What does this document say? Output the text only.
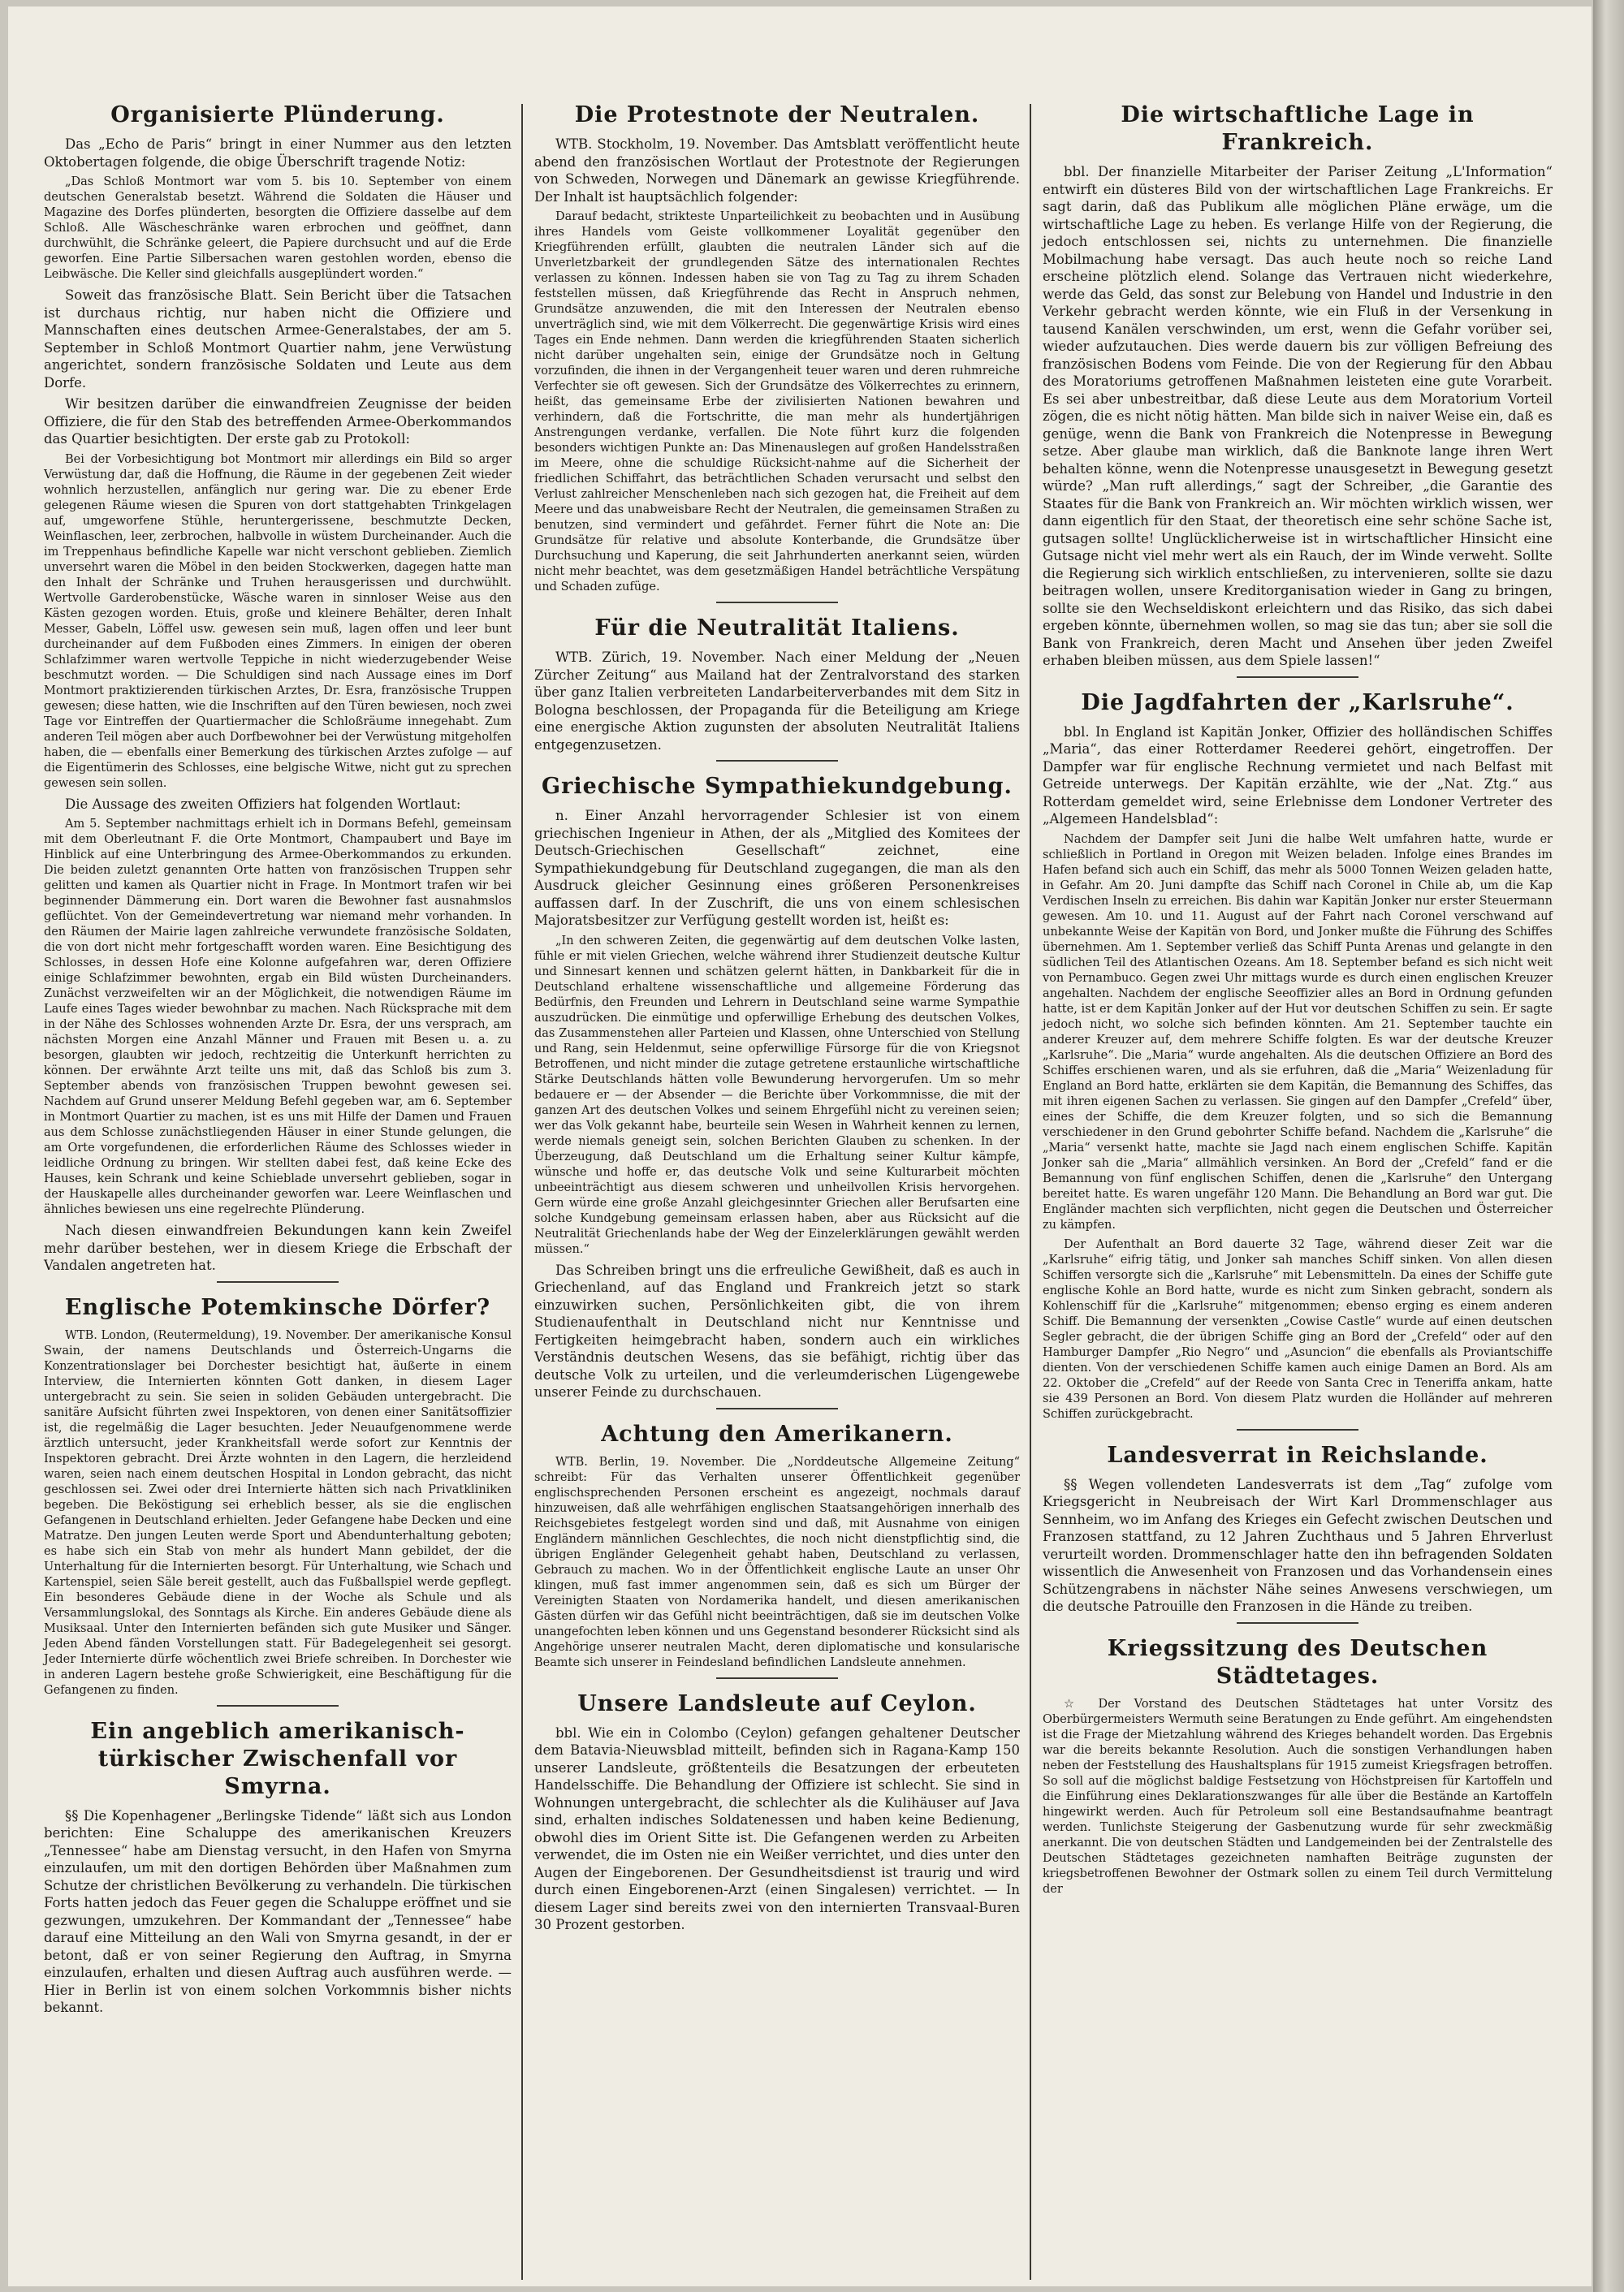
Organisierte Plünderung.

Das „Echo de Paris“ bringt in einer Nummer aus den letzten Oktobertagen folgende, die obige Überschrift tragende Notiz:

„Das Schloß Montmort war vom 5. bis 10. September von einem deutschen Generalstab besetzt. Während die Soldaten die Häuser und Magazine des Dorfes plünderten, besorgten die Offiziere dasselbe auf dem Schloß. Alle Wäscheschränke waren erbrochen und geöffnet, dann durchwühlt, die Schränke geleert, die Papiere durchsucht und auf die Erde geworfen. Eine Partie Silbersachen waren gestohlen worden, ebenso die Leibwäsche. Die Keller sind gleichfalls ausgeplündert worden.“

Soweit das französische Blatt. Sein Bericht über die Tatsachen ist durchaus richtig, nur haben nicht die Offiziere und Mannschaften eines deutschen Armee-Generalstabes, der am 5. September in Schloß Montmort Quartier nahm, jene Verwüstung angerichtet, sondern französische Soldaten und Leute aus dem Dorfe.

Wir besitzen darüber die einwandfreien Zeugnisse der beiden Offiziere, die für den Stab des betreffenden Armee-Oberkommandos das Quartier besichtigten. Der erste gab zu Protokoll:

Bei der Vorbesichtigung bot Montmort mir allerdings ein Bild so arger Verwüstung dar, daß die Hoffnung, die Räume in der gegebenen Zeit wieder wohnlich herzustellen, anfänglich nur gering war. Die zu ebener Erde gelegenen Räume wiesen die Spuren von dort stattgehabten Trinkgelagen auf, umgeworfene Stühle, heruntergerissene, beschmutzte Decken, Weinflaschen, leer, zerbrochen, halbvolle in wüstem Durcheinander. Auch die im Treppenhaus befindliche Kapelle war nicht verschont geblieben. Ziemlich unversehrt waren die Möbel in den beiden Stockwerken, dagegen hatte man den Inhalt der Schränke und Truhen herausgerissen und durchwühlt. Wertvolle Garderobenstücke, Wäsche waren in sinnloser Weise aus den Kästen gezogen worden. Etuis, große und kleinere Behälter, deren Inhalt Messer, Gabeln, Löffel usw. gewesen sein muß, lagen offen und leer bunt durcheinander auf dem Fußboden eines Zimmers. In einigen der oberen Schlafzimmer waren wertvolle Teppiche in nicht wiederzugebender Weise beschmutzt worden. — Die Schuldigen sind nach Aussage eines im Dorf Montmort praktizierenden türkischen Arztes, Dr. Esra, französische Truppen gewesen; diese hatten, wie die Inschriften auf den Türen bewiesen, noch zwei Tage vor Eintreffen der Quartiermacher die Schloßräume innegehabt. Zum anderen Teil mögen aber auch Dorfbewohner bei der Verwüstung mitgeholfen haben, die — ebenfalls einer Bemerkung des türkischen Arztes zufolge — auf die Eigentümerin des Schlosses, eine belgische Witwe, nicht gut zu sprechen gewesen sein sollen.

Die Aussage des zweiten Offiziers hat folgenden Wortlaut:

Am 5. September nachmittags erhielt ich in Dormans Befehl, gemeinsam mit dem Oberleutnant F. die Orte Montmort, Champaubert und Baye im Hinblick auf eine Unterbringung des Armee-Oberkommandos zu erkunden. Die beiden zuletzt genannten Orte hatten von französischen Truppen sehr gelitten und kamen als Quartier nicht in Frage. In Montmort trafen wir bei beginnender Dämmerung ein. Dort waren die Bewohner fast ausnahmslos geflüchtet. Von der Gemeindevertretung war niemand mehr vorhanden. In den Räumen der Mairie lagen zahlreiche verwundete französische Soldaten, die von dort nicht mehr fortgeschafft worden waren. Eine Besichtigung des Schlosses, in dessen Hofe eine Kolonne aufgefahren war, deren Offiziere einige Schlafzimmer bewohnten, ergab ein Bild wüsten Durcheinanders. Zunächst verzweifelten wir an der Möglichkeit, die notwendigen Räume im Laufe eines Tages wieder bewohnbar zu machen. Nach Rücksprache mit dem in der Nähe des Schlosses wohnenden Arzte Dr. Esra, der uns versprach, am nächsten Morgen eine Anzahl Männer und Frauen mit Besen u. a. zu besorgen, glaubten wir jedoch, rechtzeitig die Unterkunft herrichten zu können. Der erwähnte Arzt teilte uns mit, daß das Schloß bis zum 3. September abends von französischen Truppen bewohnt gewesen sei. Nachdem auf Grund unserer Meldung Befehl gegeben war, am 6. September in Montmort Quartier zu machen, ist es uns mit Hilfe der Damen und Frauen aus dem Schlosse zunächstliegenden Häuser in einer Stunde gelungen, die am Orte vorgefundenen, die erforderlichen Räume des Schlosses wieder in leidliche Ordnung zu bringen. Wir stellten dabei fest, daß keine Ecke des Hauses, kein Schrank und keine Schieblade unversehrt geblieben, sogar in der Hauskapelle alles durcheinander geworfen war. Leere Weinflaschen und ähnliches bewiesen uns eine regelrechte Plünderung.

Nach diesen einwandfreien Bekundungen kann kein Zweifel mehr darüber bestehen, wer in diesem Kriege die Erbschaft der Vandalen angetreten hat.

Englische Potemkinsche Dörfer?

WTB. London, (Reutermeldung), 19. November. Der amerikanische Konsul Swain, der namens Deutschlands und Österreich-Ungarns die Konzentrationslager bei Dorchester besichtigt hat, äußerte in einem Interview, die Internierten könnten Gott danken, in diesem Lager untergebracht zu sein. Sie seien in soliden Gebäuden untergebracht. Die sanitäre Aufsicht führten zwei Inspektoren, von denen einer Sanitätsoffizier ist, die regelmäßig die Lager besuchten. Jeder Neuaufgenommene werde ärztlich untersucht, jeder Krankheitsfall werde sofort zur Kenntnis der Inspektoren gebracht. Drei Ärzte wohnten in den Lagern, die herzleidend waren, seien nach einem deutschen Hospital in London gebracht, das nicht geschlossen sei. Zwei oder drei Internierte hätten sich nach Privatkliniken begeben. Die Beköstigung sei erheblich besser, als sie die englischen Gefangenen in Deutschland erhielten. Jeder Gefangene habe Decken und eine Matratze. Den jungen Leuten werde Sport und Abendunterhaltung geboten; es habe sich ein Stab von mehr als hundert Mann gebildet, der die Unterhaltung für die Internierten besorgt. Für Unterhaltung, wie Schach und Kartenspiel, seien Säle bereit gestellt, auch das Fußballspiel werde gepflegt. Ein besonderes Gebäude diene in der Woche als Schule und als Versammlungslokal, des Sonntags als Kirche. Ein anderes Gebäude diene als Musiksaal. Unter den Internierten befänden sich gute Musiker und Sänger. Jeden Abend fänden Vorstellungen statt. Für Badegelegenheit sei gesorgt. Jeder Internierte dürfe wöchentlich zwei Briefe schreiben. In Dorchester wie in anderen Lagern bestehe große Schwierigkeit, eine Beschäftigung für die Gefangenen zu finden.

Ein angeblich amerikanisch-türkischer Zwischenfall vor Smyrna.

§§ Die Kopenhagener „Berlingske Tidende“ läßt sich aus London berichten: Eine Schaluppe des amerikanischen Kreuzers „Tennessee“ habe am Dienstag versucht, in den Hafen von Smyrna einzulaufen, um mit den dortigen Behörden über Maßnahmen zum Schutze der christlichen Bevölkerung zu verhandeln. Die türkischen Forts hatten jedoch das Feuer gegen die Schaluppe eröffnet und sie gezwungen, umzukehren. Der Kommandant der „Tennessee“ habe darauf eine Mitteilung an den Wali von Smyrna gesandt, in der er betont, daß er von seiner Regierung den Auftrag, in Smyrna einzulaufen, erhalten und diesen Auftrag auch ausführen werde. — Hier in Berlin ist von einem solchen Vorkommnis bisher nichts bekannt.

Die Protestnote der Neutralen.

WTB. Stockholm, 19. November. Das Amtsblatt veröffentlicht heute abend den französischen Wortlaut der Protestnote der Regierungen von Schweden, Norwegen und Dänemark an gewisse Kriegführende. Der Inhalt ist hauptsächlich folgender:

Darauf bedacht, strikteste Unparteilichkeit zu beobachten und in Ausübung ihres Handels vom Geiste vollkommener Loyalität gegenüber den Kriegführenden erfüllt, glaubten die neutralen Länder sich auf die Unverletzbarkeit der grundlegenden Sätze des internationalen Rechtes verlassen zu können. Indessen haben sie von Tag zu Tag zu ihrem Schaden feststellen müssen, daß Kriegführende das Recht in Anspruch nehmen, Grundsätze anzuwenden, die mit den Interessen der Neutralen ebenso unverträglich sind, wie mit dem Völkerrecht. Die gegenwärtige Krisis wird eines Tages ein Ende nehmen. Dann werden die kriegführenden Staaten sicherlich nicht darüber ungehalten sein, einige der Grundsätze noch in Geltung vorzufinden, die ihnen in der Vergangenheit teuer waren und deren ruhmreiche Verfechter sie oft gewesen. Sich der Grundsätze des Völkerrechtes zu erinnern, heißt, das gemeinsame Erbe der zivilisierten Nationen bewahren und verhindern, daß die Fortschritte, die man mehr als hundertjährigen Anstrengungen verdanke, verfallen. Die Note führt kurz die folgenden besonders wichtigen Punkte an: Das Minenauslegen auf großen Handelsstraßen im Meere, ohne die schuldige Rücksicht-nahme auf die Sicherheit der friedlichen Schiffahrt, das beträchtlichen Schaden verursacht und selbst den Verlust zahlreicher Menschenleben nach sich gezogen hat, die Freiheit auf dem Meere und das unabweisbare Recht der Neutralen, die gemeinsamen Straßen zu benutzen, sind vermindert und gefährdet. Ferner führt die Note an: Die Grundsätze für relative und absolute Konterbande, die Grundsätze über Durchsuchung und Kaperung, die seit Jahrhunderten anerkannt seien, würden nicht mehr beachtet, was dem gesetzmäßigen Handel beträchtliche Verspätung und Schaden zufüge.

Für die Neutralität Italiens.

WTB. Zürich, 19. November. Nach einer Meldung der „Neuen Zürcher Zeitung“ aus Mailand hat der Zentralvorstand des starken über ganz Italien verbreiteten Landarbeiterverbandes mit dem Sitz in Bologna beschlossen, der Propaganda für die Beteiligung am Kriege eine energische Aktion zugunsten der absoluten Neutralität Italiens entgegenzusetzen.

Griechische Sympathiekundgebung.

n. Einer Anzahl hervorragender Schlesier ist von einem griechischen Ingenieur in Athen, der als „Mitglied des Komitees der Deutsch-Griechischen Gesellschaft“ zeichnet, eine Sympathiekundgebung für Deutschland zugegangen, die man als den Ausdruck gleicher Gesinnung eines größeren Personenkreises auffassen darf. In der Zuschrift, die uns von einem schlesischen Majoratsbesitzer zur Verfügung gestellt worden ist, heißt es:

„In den schweren Zeiten, die gegenwärtig auf dem deutschen Volke lasten, fühle er mit vielen Griechen, welche während ihrer Studienzeit deutsche Kultur und Sinnesart kennen und schätzen gelernt hätten, in Dankbarkeit für die in Deutschland erhaltene wissenschaftliche und allgemeine Förderung das Bedürfnis, den Freunden und Lehrern in Deutschland seine warme Sympathie auszudrücken. Die einmütige und opferwillige Erhebung des deutschen Volkes, das Zusammenstehen aller Parteien und Klassen, ohne Unterschied von Stellung und Rang, sein Heldenmut, seine opferwillige Fürsorge für die von Kriegsnot Betroffenen, und nicht minder die zutage getretene erstaunliche wirtschaftliche Stärke Deutschlands hätten volle Bewunderung hervorgerufen. Um so mehr bedauere er — der Absender — die Berichte über Vorkommnisse, die mit der ganzen Art des deutschen Volkes und seinem Ehrgefühl nicht zu vereinen seien; wer das Volk gekannt habe, beurteile sein Wesen in Wahrheit kennen zu lernen, werde niemals geneigt sein, solchen Berichten Glauben zu schenken. In der Überzeugung, daß Deutschland um die Erhaltung seiner Kultur kämpfe, wünsche und hoffe er, das deutsche Volk und seine Kulturarbeit möchten unbeeinträchtigt aus diesem schweren und unheilvollen Krisis hervorgehen. Gern würde eine große Anzahl gleichgesinnter Griechen aller Berufsarten eine solche Kundgebung gemeinsam erlassen haben, aber aus Rücksicht auf die Neutralität Griechenlands habe der Weg der Einzelerklärungen gewählt werden müssen.“

Das Schreiben bringt uns die erfreuliche Gewißheit, daß es auch in Griechenland, auf das England und Frankreich jetzt so stark einzuwirken suchen, Persönlichkeiten gibt, die von ihrem Studienaufenthalt in Deutschland nicht nur Kenntnisse und Fertigkeiten heimgebracht haben, sondern auch ein wirkliches Verständnis deutschen Wesens, das sie befähigt, richtig über das deutsche Volk zu urteilen, und die verleumderischen Lügengewebe unserer Feinde zu durchschauen.

Achtung den Amerikanern.

WTB. Berlin, 19. November. Die „Norddeutsche Allgemeine Zeitung“ schreibt: Für das Verhalten unserer Öffentlichkeit gegenüber englischsprechenden Personen erscheint es angezeigt, nochmals darauf hinzuweisen, daß alle wehrfähigen englischen Staatsangehörigen innerhalb des Reichsgebietes festgelegt worden sind und daß, mit Ausnahme von einigen Engländern männlichen Geschlechtes, die noch nicht dienstpflichtig sind, die übrigen Engländer Gelegenheit gehabt haben, Deutschland zu verlassen, Gebrauch zu machen. Wo in der Öffentlichkeit englische Laute an unser Ohr klingen, muß fast immer angenommen sein, daß es sich um Bürger der Vereinigten Staaten von Nordamerika handelt, und diesen amerikanischen Gästen dürfen wir das Gefühl nicht beeinträchtigen, daß sie im deutschen Volke unangefochten leben können und uns Gegenstand besonderer Rücksicht sind als Angehörige unserer neutralen Macht, deren diplomatische und konsularische Beamte sich unserer in Feindesland befindlichen Landsleute annehmen.

Unsere Landsleute auf Ceylon.

bbl. Wie ein in Colombo (Ceylon) gefangen gehaltener Deutscher dem Batavia-Nieuwsblad mitteilt, befinden sich in Ragana-Kamp 150 unserer Landsleute, größtenteils die Besatzungen der erbeuteten Handelsschiffe. Die Behandlung der Offiziere ist schlecht. Sie sind in Wohnungen untergebracht, die schlechter als die Kulihäuser auf Java sind, erhalten indisches Soldatenessen und haben keine Bedienung, obwohl dies im Orient Sitte ist. Die Gefangenen werden zu Arbeiten verwendet, die im Osten nie ein Weißer verrichtet, und dies unter den Augen der Eingeborenen. Der Gesundheitsdienst ist traurig und wird durch einen Eingeborenen-Arzt (einen Singalesen) verrichtet. — In diesem Lager sind bereits zwei von den internierten Transvaal-Buren 30 Prozent gestorben.

Die wirtschaftliche Lage in Frankreich.

bbl. Der finanzielle Mitarbeiter der Pariser Zeitung „L'Information“ entwirft ein düsteres Bild von der wirtschaftlichen Lage Frankreichs. Er sagt darin, daß das Publikum alle möglichen Pläne erwäge, um die wirtschaftliche Lage zu heben. Es verlange Hilfe von der Regierung, die jedoch entschlossen sei, nichts zu unternehmen. Die finanzielle Mobilmachung habe versagt. Das auch heute noch so reiche Land erscheine plötzlich elend. Solange das Vertrauen nicht wiederkehre, werde das Geld, das sonst zur Belebung von Handel und Industrie in den Verkehr gebracht werden könnte, wie ein Fluß in der Versenkung in tausend Kanälen verschwinden, um erst, wenn die Gefahr vorüber sei, wieder aufzutauchen. Dies werde dauern bis zur völligen Befreiung des französischen Bodens vom Feinde. Die von der Regierung für den Abbau des Moratoriums getroffenen Maßnahmen leisteten eine gute Vorarbeit. Es sei aber unbestreitbar, daß diese Leute aus dem Moratorium Vorteil zögen, die es nicht nötig hätten. Man bilde sich in naiver Weise ein, daß es genüge, wenn die Bank von Frankreich die Notenpresse in Bewegung setze. Aber glaube man wirklich, daß die Banknote lange ihren Wert behalten könne, wenn die Notenpresse unausgesetzt in Bewegung gesetzt würde? „Man ruft allerdings,“ sagt der Schreiber, „die Garantie des Staates für die Bank von Frankreich an. Wir möchten wirklich wissen, wer dann eigentlich für den Staat, der theoretisch eine sehr schöne Sache ist, gutsagen sollte! Unglücklicherweise ist in wirtschaftlicher Hinsicht eine Gutsage nicht viel mehr wert als ein Rauch, der im Winde verweht. Sollte die Regierung sich wirklich entschließen, zu intervenieren, sollte sie dazu beitragen wollen, unsere Kreditorganisation wieder in Gang zu bringen, sollte sie den Wechseldiskont erleichtern und das Risiko, das sich dabei ergeben könnte, übernehmen wollen, so mag sie das tun; aber sie soll die Bank von Frankreich, deren Macht und Ansehen über jeden Zweifel erhaben bleiben müssen, aus dem Spiele lassen!“

Die Jagdfahrten der „Karlsruhe“.

bbl. In England ist Kapitän Jonker, Offizier des holländischen Schiffes „Maria“, das einer Rotterdamer Reederei gehört, eingetroffen. Der Dampfer war für englische Rechnung vermietet und nach Belfast mit Getreide unterwegs. Der Kapitän erzählte, wie der „Nat. Ztg.“ aus Rotterdam gemeldet wird, seine Erlebnisse dem Londoner Vertreter des „Algemeen Handelsblad“:

Nachdem der Dampfer seit Juni die halbe Welt umfahren hatte, wurde er schließlich in Portland in Oregon mit Weizen beladen. Infolge eines Brandes im Hafen befand sich auch ein Schiff, das mehr als 5000 Tonnen Weizen geladen hatte, in Gefahr. Am 20. Juni dampfte das Schiff nach Coronel in Chile ab, um die Kap Verdischen Inseln zu erreichen. Bis dahin war Kapitän Jonker nur erster Steuermann gewesen. Am 10. und 11. August auf der Fahrt nach Coronel verschwand auf unbekannte Weise der Kapitän von Bord, und Jonker mußte die Führung des Schiffes übernehmen. Am 1. September verließ das Schiff Punta Arenas und gelangte in den südlichen Teil des Atlantischen Ozeans. Am 18. September befand es sich nicht weit von Pernambuco. Gegen zwei Uhr mittags wurde es durch einen englischen Kreuzer angehalten. Nachdem der englische Seeoffizier alles an Bord in Ordnung gefunden hatte, ist er dem Kapitän Jonker auf der Hut vor deutschen Schiffen zu sein. Er sagte jedoch nicht, wo solche sich befinden könnten. Am 21. September tauchte ein anderer Kreuzer auf, dem mehrere Schiffe folgten. Es war der deutsche Kreuzer „Karlsruhe“. Die „Maria“ wurde angehalten. Als die deutschen Offiziere an Bord des Schiffes erschienen waren, und als sie erfuhren, daß die „Maria“ Weizenladung für England an Bord hatte, erklärten sie dem Kapitän, die Bemannung des Schiffes, das mit ihren eigenen Sachen zu verlassen. Sie gingen auf den Dampfer „Crefeld“ über, eines der Schiffe, die dem Kreuzer folgten, und so sich die Bemannung verschiedener in den Grund gebohrter Schiffe befand. Nachdem die „Karlsruhe“ die „Maria“ versenkt hatte, machte sie Jagd nach einem englischen Schiffe. Kapitän Jonker sah die „Maria“ allmählich versinken. An Bord der „Crefeld“ fand er die Bemannung von fünf englischen Schiffen, denen die „Karlsruhe“ den Untergang bereitet hatte. Es waren ungefähr 120 Mann. Die Behandlung an Bord war gut. Die Engländer machten sich verpflichten, nicht gegen die Deutschen und Österreicher zu kämpfen.

Der Aufenthalt an Bord dauerte 32 Tage, während dieser Zeit war die „Karlsruhe“ eifrig tätig, und Jonker sah manches Schiff sinken. Von allen diesen Schiffen versorgte sich die „Karlsruhe“ mit Lebensmitteln. Da eines der Schiffe gute englische Kohle an Bord hatte, wurde es nicht zum Sinken gebracht, sondern als Kohlenschiff für die „Karlsruhe“ mitgenommen; ebenso erging es einem anderen Schiff. Die Bemannung der versenkten „Cowise Castle“ wurde auf einen deutschen Segler gebracht, die der übrigen Schiffe ging an Bord der „Crefeld“ oder auf den Hamburger Dampfer „Rio Negro“ und „Asuncion“ die ebenfalls als Proviantschiffe dienten. Von der verschiedenen Schiffe kamen auch einige Damen an Bord. Als am 22. Oktober die „Crefeld“ auf der Reede von Santa Crec in Teneriffa ankam, hatte sie 439 Personen an Bord. Von diesem Platz wurden die Holländer auf mehreren Schiffen zurückgebracht.

Landesverrat in Reichslande.

§§ Wegen vollendeten Landesverrats ist dem „Tag“ zufolge vom Kriegsgericht in Neubreisach der Wirt Karl Drommenschlager aus Sennheim, wo im Anfang des Krieges ein Gefecht zwischen Deutschen und Franzosen stattfand, zu 12 Jahren Zuchthaus und 5 Jahren Ehrverlust verurteilt worden. Drommenschlager hatte den ihn befragenden Soldaten wissentlich die Anwesenheit von Franzosen und das Vorhandensein eines Schützengrabens in nächster Nähe seines Anwesens verschwiegen, um die deutsche Patrouille den Franzosen in die Hände zu treiben.

Kriegssitzung des Deutschen Städtetages.

☆ Der Vorstand des Deutschen Städtetages hat unter Vorsitz des Oberbürgermeisters Wermuth seine Beratungen zu Ende geführt. Am eingehendsten ist die Frage der Mietzahlung während des Krieges behandelt worden. Das Ergebnis war die bereits bekannte Resolution. Auch die sonstigen Verhandlungen haben neben der Feststellung des Haushaltsplans für 1915 zumeist Kriegsfragen betroffen. So soll auf die möglichst baldige Festsetzung von Höchstpreisen für Kartoffeln und die Einführung eines Deklarationszwanges für alle über die Bestände an Kartoffeln hingewirkt werden. Auch für Petroleum soll eine Bestandsaufnahme beantragt werden. Tunlichste Steigerung der Gasbenutzung wurde für sehr zweckmäßig anerkannt. Die von deutschen Städten und Landgemeinden bei der Zentralstelle des Deutschen Städtetages gezeichneten namhaften Beiträge zugunsten der kriegsbetroffenen Bewohner der Ostmark sollen zu einem Teil durch Vermittelung der
